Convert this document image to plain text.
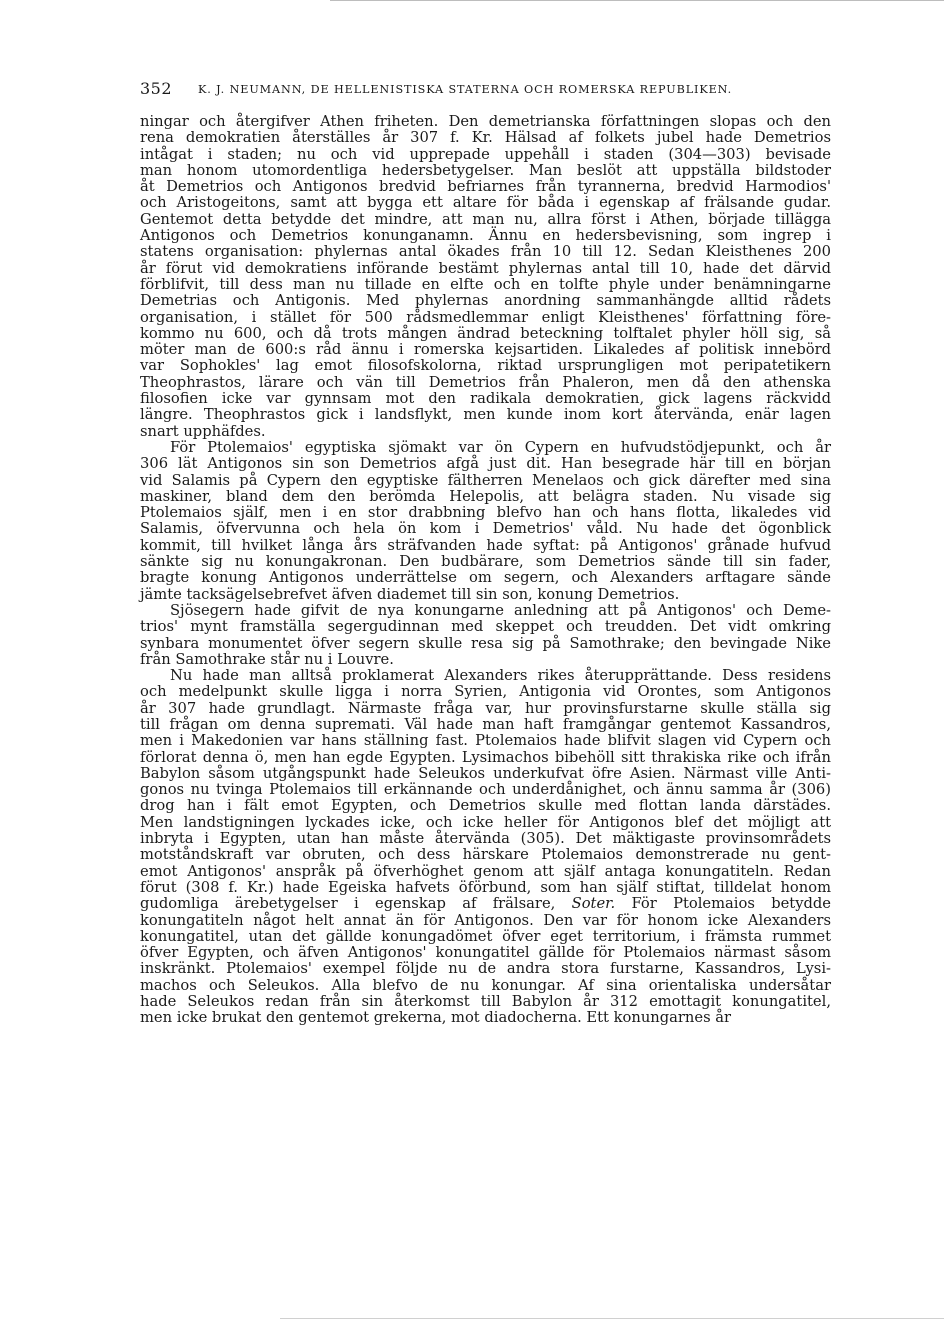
352 K. J. NEUMANN, DE HELLENISTISKA STATERNA OCH ROMERSKA REPUBLIKEN.
ningar och återgifver Athen friheten. Den demetrianska författningen slopas och den
rena demokratien återställes år 307 f. Kr. Hälsad af folkets jubel hade Demetrios
intågat i staden; nu och vid upprepade uppehåll i staden (304—303) bevisade
man honom utomordentliga hedersbetygelser. Man beslöt att uppställa bildstoder
åt Demetrios och Antigonos bredvid befriarnes från tyrannerna, bredvid Harmodios'
och Aristogeitons, samt att bygga ett altare för båda i egenskap af frälsande gudar.
Gentemot detta betydde det mindre, att man nu, allra först i Athen, började tillägga
Antigonos och Demetrios konunganamn. Ännu en hedersbevisning, som ingrep i
statens organisation: phylernas antal ökades från 10 till 12. Sedan Kleisthenes 200
år förut vid demokratiens införande bestämt phylernas antal till 10, hade det därvid
förblifvit, till dess man nu tillade en elfte och en tolfte phyle under benämningarne
Demetrias och Antigonis. Med phylernas anordning sammanhängde alltid rådets
organisation, i stället för 500 rådsmedlemmar enligt Kleisthenes' författning före-
kommo nu 600, och då trots mången ändrad beteckning tolftalet phyler höll sig, så
möter man de 600:s råd ännu i romerska kejsartiden. Likaledes af politisk innebörd
var Sophokles' lag emot filosofskolorna, riktad ursprungligen mot peripatetikern
Theophrastos, lärare och vän till Demetrios från Phaleron, men då den athenska
filosofien icke var gynnsam mot den radikala demokratien, gick lagens räckvidd
längre. Theophrastos gick i landsflykt, men kunde inom kort återvända, enär lagen
snart upphäfdes.
För Ptolemaios' egyptiska sjömakt var ön Cypern en hufvudstödjepunkt, och år
306 lät Antigonos sin son Demetrios afgå just dit. Han besegrade här till en början
vid Salamis på Cypern den egyptiske fältherren Menelaos och gick därefter med sina
maskiner, bland dem den berömda Helepolis, att belägra staden. Nu visade sig
Ptolemaios själf, men i en stor drabbning blefvo han och hans flotta, likaledes vid
Salamis, öfvervunna och hela ön kom i Demetrios' våld. Nu hade det ögonblick
kommit, till hvilket långa års sträfvanden hade syftat: på Antigonos' grånade hufvud
sänkte sig nu konungakronan. Den budbärare, som Demetrios sände till sin fader,
bragte konung Antigonos underrättelse om segern, och Alexanders arftagare sände
jämte tacksägelsebrefvet äfven diademet till sin son, konung Demetrios.
Sjösegern hade gifvit de nya konungarne anledning att på Antigonos' och Deme-
trios' mynt framställa segergudinnan med skeppet och treudden. Det vidt omkring
synbara monumentet öfver segern skulle resa sig på Samothrake; den bevingade Nike
från Samothrake står nu i Louvre.
Nu hade man alltså proklamerat Alexanders rikes återupprättande. Dess residens
och medelpunkt skulle ligga i norra Syrien, Antigonia vid Orontes, som Antigonos
år 307 hade grundlagt. Närmaste fråga var, hur provinsfurstarne skulle ställa sig
till frågan om denna suprematі. Väl hade man haft framgångar gentemot Kassandros,
men i Makedonien var hans ställning fast. Ptolemaios hade blifvit slagen vid Cypern och
förlorat denna ö, men han egde Egypten. Lysimachos bibehöll sitt thrakiska rike och ifrån
Babylon såsom utgångspunkt hade Seleukos underkufvat öfre Asien. Närmast ville Anti-
gonos nu tvinga Ptolemaios till erkännande och underdånighet, och ännu samma år (306)
drog han i fält emot Egypten, och Demetrios skulle med flottan landa därstädes.
Men landstigningen lyckades icke, och icke heller för Antigonos blef det möjligt att
inbryta i Egypten, utan han måste återvända (305). Det mäktigaste provinsområdets
motståndskraft var obruten, och dess härskare Ptolemaios demonstrerade nu gent-
emot Antigonos' anspråk på öfverhöghet genom att själf antaga konungatiteln. Redan
förut (308 f. Kr.) hade Egeiska hafvets öförbund, som han själf stiftat, tilldelat honom
gudomliga ärebetygelser i egenskap af frälsare, Soter. För Ptolemaios betydde
konungatiteln något helt annat än för Antigonos. Den var för honom icke Alexanders
konungatitel, utan det gällde konungadömet öfver eget territorium, i främsta rummet
öfver Egypten, och äfven Antigonos' konungatitel gällde för Ptolemaios närmast såsom
inskränkt. Ptolemaios' exempel följde nu de andra stora furstarne, Kassandros, Lysi-
machos och Seleukos. Alla blefvo de nu konungar. Af sina orientaliska undersåtar
hade Seleukos redan från sin återkomst till Babylon år 312 emottagit konungatitel,
men icke brukat den gentemot grekerna, mot diadocherna. Ett konungarnes år
